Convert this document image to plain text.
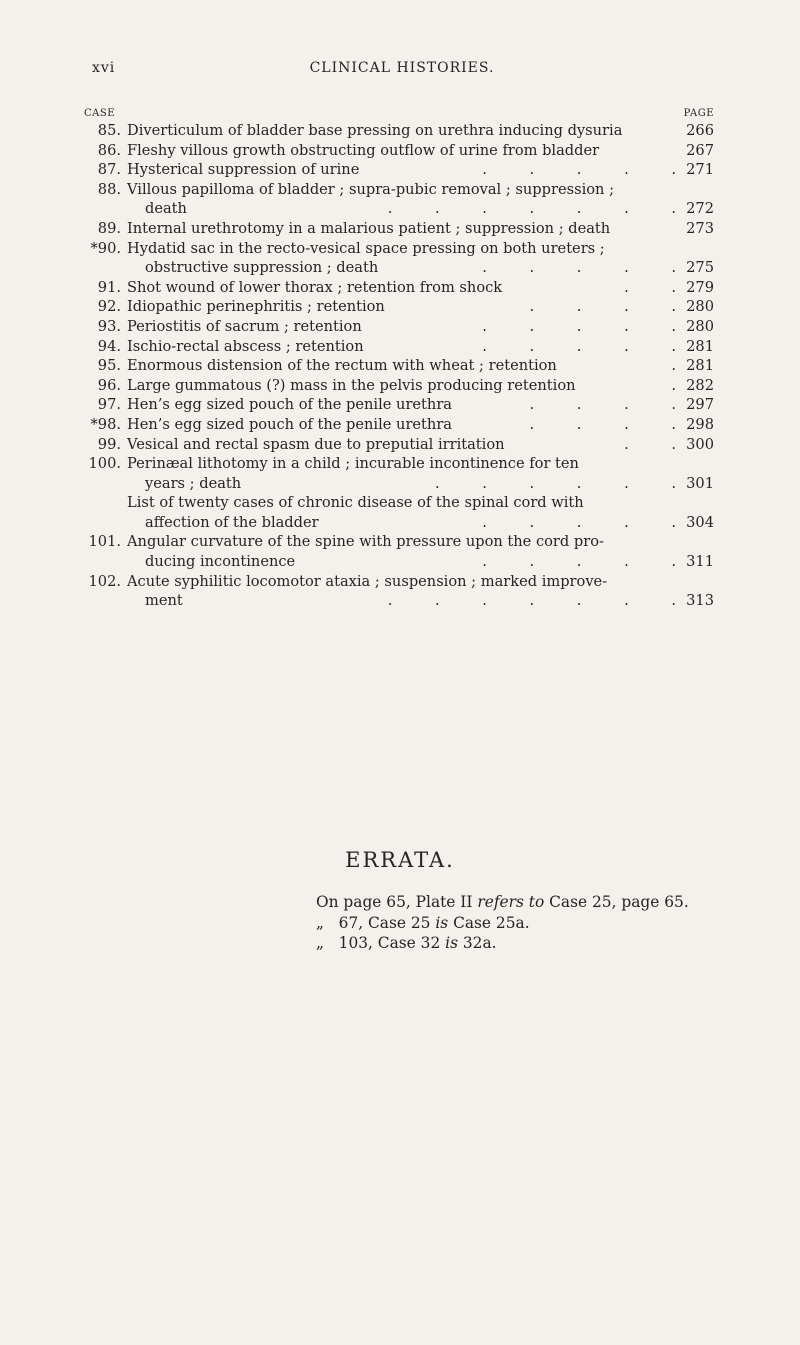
xvi	CLINICAL HISTORIES.
CASE	PAGE
85. Diverticulum of bladder base pressing on urethra inducing dysuria	266
86. Fleshy villous growth obstructing outflow of urine from bladder	267
87. Hysterical suppression of urine	. . . . . 271
88. Villous papilloma of bladder ; supra-pubic removal ; suppression ;
death	. . . . . . . 272
89. Internal urethrotomy in a malarious patient ; suppression ; death	273
*90. Hydatid sac in the recto-vesical space pressing on both ureters ;
obstructive suppression ; death	. . . . . 275
91. Shot wound of lower thorax ; retention from shock	. . 279
92. Idiopathic perinephritis ; retention	. . . . 280
93. Periostitis of sacrum ; retention	. . . . . 280
94. Ischio-rectal abscess ; retention	. . . . . 281
95. Enormous distension of the rectum with wheat ; retention	. 281
96. Large gummatous (?) mass in the pelvis producing retention	. 282
97. Hen’s egg sized pouch of the penile urethra	. . . . 297
*98. Hen’s egg sized pouch of the penile urethra	. . . . 298
99. Vesical and rectal spasm due to preputial irritation	. . 300
100. Perinæal lithotomy in a child ; incurable incontinence for ten
years ; death	. . . . . . 301
List of twenty cases of chronic disease of the spinal cord with
affection of the bladder	. . . . . 304
101. Angular curvature of the spine with pressure upon the cord pro-
ducing incontinence	. . . . . 311
102. Acute syphilitic locomotor ataxia ; suspension ; marked improve-
ment	. . . . . . . 313
ERRATA.
On page 65, Plate II refers to Case 25, page 65.
„   67, Case 25 is Case 25a.
„   103, Case 32 is 32a.
